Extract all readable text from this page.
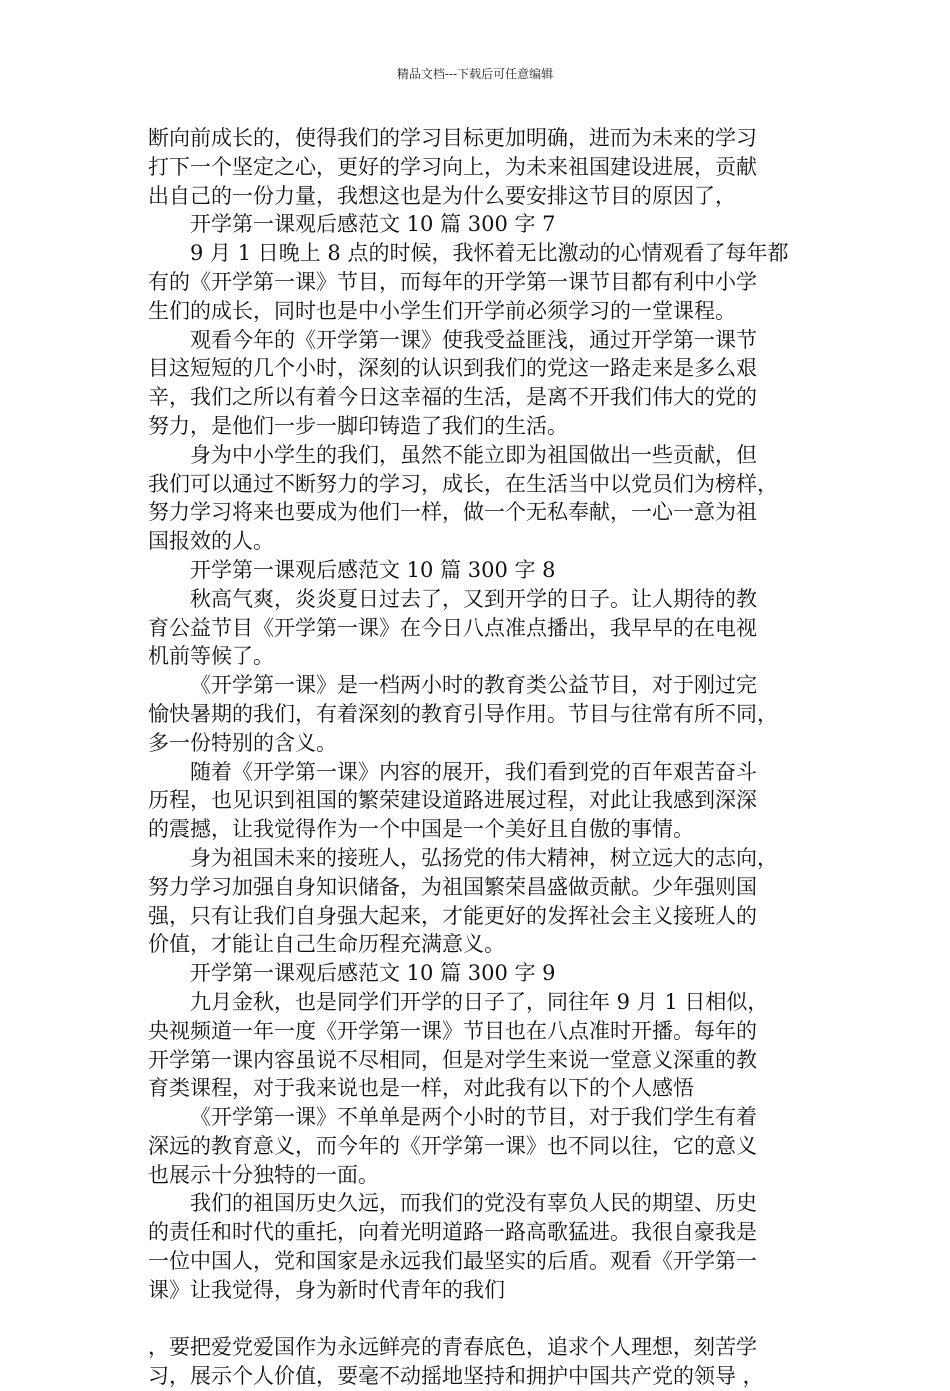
精品文档---下载后可任意编辑
断向前成长的，使得我们的学习目标更加明确，进而为未来的学习
打下一个坚定之心，更好的学习向上，为未来祖国建设进展，贡献
出自己的一份力量，我想这也是为什么要安排这节目的原因了，
开学第一课观后感范文 10 篇 300 字 7
9 月 1 日晚上 8 点的时候，我怀着无比激动的心情观看了每年都
有的《开学第一课》节目，而每年的开学第一课节目都有利中小学
生们的成长，同时也是中小学生们开学前必须学习的一堂课程。
观看今年的《开学第一课》使我受益匪浅，通过开学第一课节
目这短短的几个小时，深刻的认识到我们的党这一路走来是多么艰
辛，我们之所以有着今日这幸福的生活，是离不开我们伟大的党的
努力，是他们一步一脚印铸造了我们的生活。
身为中小学生的我们，虽然不能立即为祖国做出一些贡献，但
我们可以通过不断努力的学习，成长，在生活当中以党员们为榜样，
努力学习将来也要成为他们一样，做一个无私奉献，一心一意为祖
国报效的人。
开学第一课观后感范文 10 篇 300 字 8
秋高气爽，炎炎夏日过去了，又到开学的日子。让人期待的教
育公益节目《开学第一课》在今日八点准点播出，我早早的在电视
机前等候了。
《开学第一课》是一档两小时的教育类公益节目，对于刚过完
愉快暑期的我们，有着深刻的教育引导作用。节目与往常有所不同，
多一份特别的含义。
随着《开学第一课》内容的展开，我们看到党的百年艰苦奋斗
历程，也见识到祖国的繁荣建设道路进展过程，对此让我感到深深
的震撼，让我觉得作为一个中国是一个美好且自傲的事情。
身为祖国未来的接班人，弘扬党的伟大精神，树立远大的志向，
努力学习加强自身知识储备，为祖国繁荣昌盛做贡献。少年强则国
强，只有让我们自身强大起来，才能更好的发挥社会主义接班人的
价值，才能让自己生命历程充满意义。
开学第一课观后感范文 10 篇 300 字 9
九月金秋，也是同学们开学的日子了，同往年 9 月 1 日相似，
央视频道一年一度《开学第一课》节目也在八点准时开播。每年的
开学第一课内容虽说不尽相同，但是对学生来说一堂意义深重的教
育类课程，对于我来说也是一样，对此我有以下的个人感悟
《开学第一课》不单单是两个小时的节目，对于我们学生有着
深远的教育意义，而今年的《开学第一课》也不同以往，它的意义
也展示十分独特的一面。
我们的祖国历史久远，而我们的党没有辜负人民的期望、历史
的责任和时代的重托，向着光明道路一路高歌猛进。我很自豪我是
一位中国人，党和国家是永远我们最坚实的后盾。观看《开学第一
课》让我觉得，身为新时代青年的我们
，要把爱党爱国作为永远鲜亮的青春底色，追求个人理想，刻苦学
习，展示个人价值，要毫不动摇地坚持和拥护中国共产党的领导 ，
